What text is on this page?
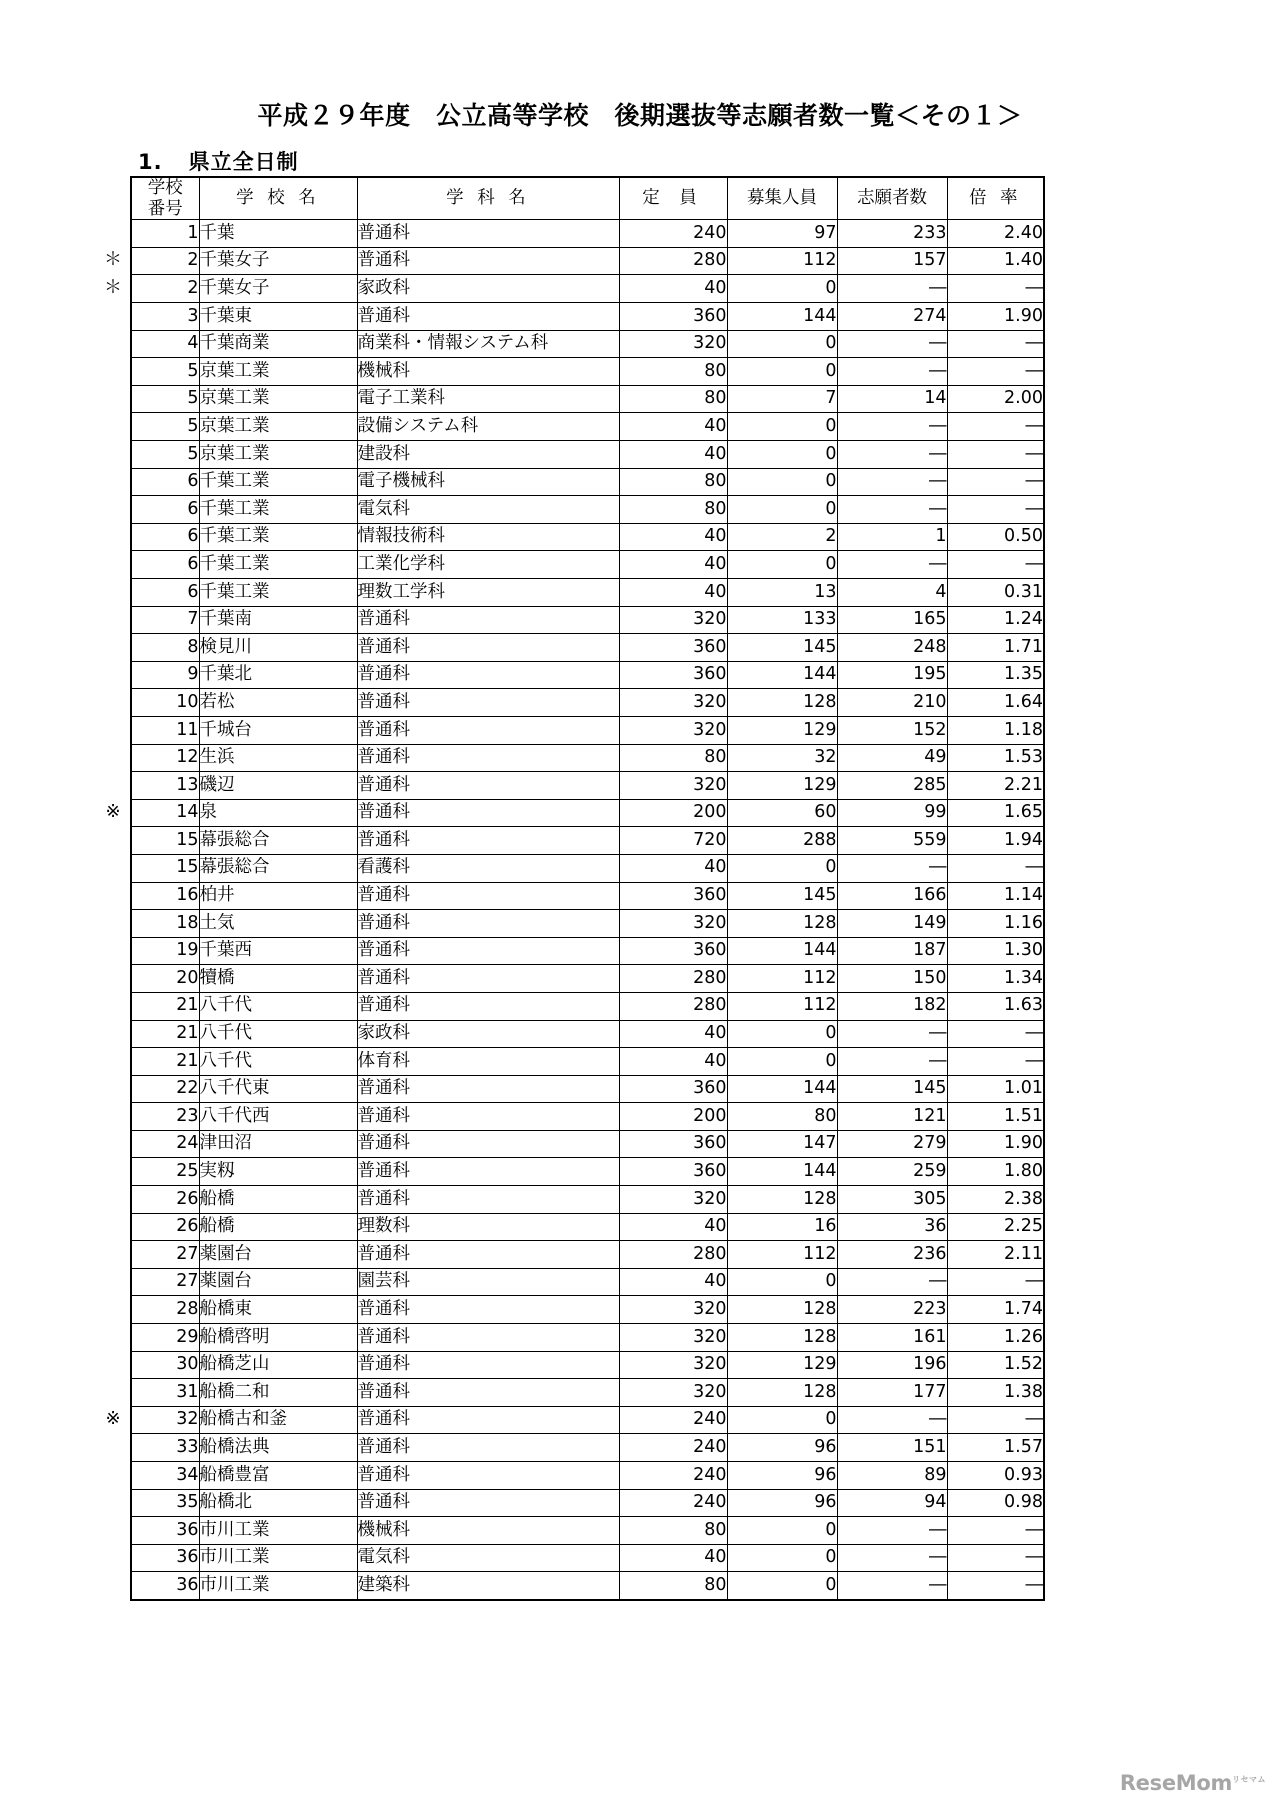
平成２９年度　公立高等学校　後期選抜等志願者数一覧＜その１＞
1. 県立全日制
＊
＊
※
※
学校
番号	学 校 名	学 科 名	定 員	募集人員	志願者数	倍 率
1	千葉	普通科	240	97	233	2.40
2	千葉女子	普通科	280	112	157	1.40
2	千葉女子	家政科	40	0	―	―
3	千葉東	普通科	360	144	274	1.90
4	千葉商業	商業科・情報システム科	320	0	―	―
5	京葉工業	機械科	80	0	―	―
5	京葉工業	電子工業科	80	7	14	2.00
5	京葉工業	設備システム科	40	0	―	―
5	京葉工業	建設科	40	0	―	―
6	千葉工業	電子機械科	80	0	―	―
6	千葉工業	電気科	80	0	―	―
6	千葉工業	情報技術科	40	2	1	0.50
6	千葉工業	工業化学科	40	0	―	―
6	千葉工業	理数工学科	40	13	4	0.31
7	千葉南	普通科	320	133	165	1.24
8	検見川	普通科	360	145	248	1.71
9	千葉北	普通科	360	144	195	1.35
10	若松	普通科	320	128	210	1.64
11	千城台	普通科	320	129	152	1.18
12	生浜	普通科	80	32	49	1.53
13	磯辺	普通科	320	129	285	2.21
14	泉	普通科	200	60	99	1.65
15	幕張総合	普通科	720	288	559	1.94
15	幕張総合	看護科	40	0	―	―
16	柏井	普通科	360	145	166	1.14
18	土気	普通科	320	128	149	1.16
19	千葉西	普通科	360	144	187	1.30
20	犢橋	普通科	280	112	150	1.34
21	八千代	普通科	280	112	182	1.63
21	八千代	家政科	40	0	―	―
21	八千代	体育科	40	0	―	―
22	八千代東	普通科	360	144	145	1.01
23	八千代西	普通科	200	80	121	1.51
24	津田沼	普通科	360	147	279	1.90
25	実籾	普通科	360	144	259	1.80
26	船橋	普通科	320	128	305	2.38
26	船橋	理数科	40	16	36	2.25
27	薬園台	普通科	280	112	236	2.11
27	薬園台	園芸科	40	0	―	―
28	船橋東	普通科	320	128	223	1.74
29	船橋啓明	普通科	320	128	161	1.26
30	船橋芝山	普通科	320	129	196	1.52
31	船橋二和	普通科	320	128	177	1.38
32	船橋古和釜	普通科	240	0	―	―
33	船橋法典	普通科	240	96	151	1.57
34	船橋豊富	普通科	240	96	89	0.93
35	船橋北	普通科	240	96	94	0.98
36	市川工業	機械科	80	0	―	―
36	市川工業	電気科	40	0	―	―
36	市川工業	建築科	80	0	―	―
ReseMom$^{リセマム}$
